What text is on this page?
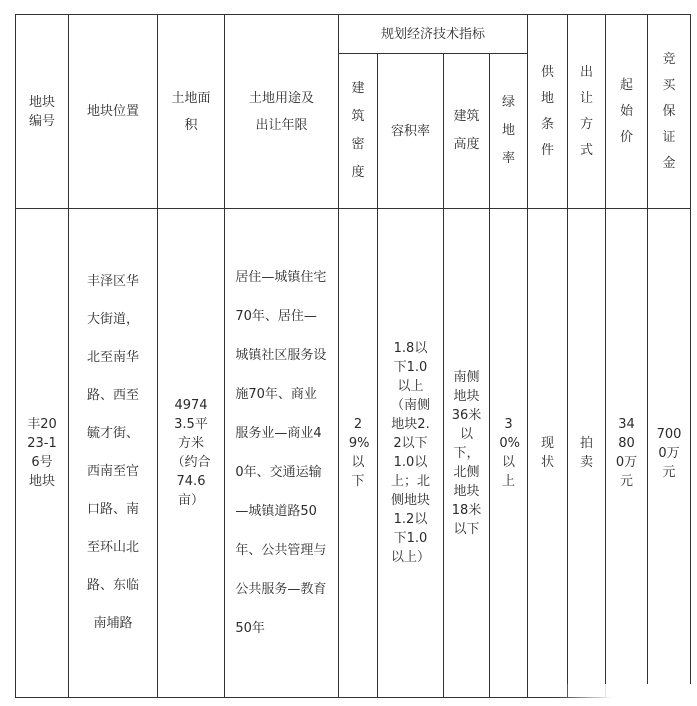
地块编号	地块位置	土地面积	土地用途及出让年限	规划经济技术指标				供地条件	出让方式	起始价	竞买保证金
				建筑密度	容积率	建筑高度	绿地率				
丰2023-16号地块	丰泽区华大街道，北至南华路、西至毓才街、西南至官口路、南至环山北路、东临南埔路	49743.5平方米（约合74.6亩）	居住—城镇住宅70年、居住—城镇社区服务设施70年、商业服务业—商业40年、交通运输—城镇道路50年、公共管理与公共服务—教育50年	29%以下	1.8以下1.0以上（南侧地块2.2以下1.0以上；北侧地块1.2以下1.0以上）	南侧地块36米以下，北侧地块18米以下	30%以上	现状	拍卖	34800万元	7000万元
